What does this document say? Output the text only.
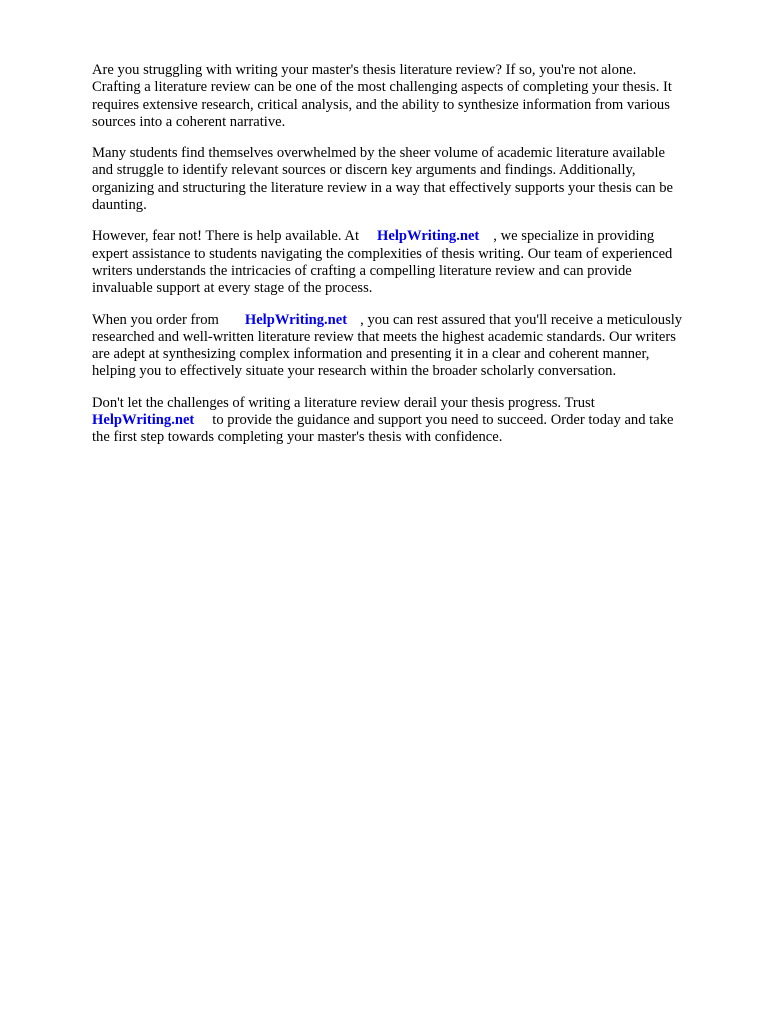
Are you struggling with writing your master's thesis literature review? If so, you're not alone.
Crafting a literature review can be one of the most challenging aspects of completing your thesis. It
requires extensive research, critical analysis, and the ability to synthesize information from various
sources into a coherent narrative.

Many students find themselves overwhelmed by the sheer volume of academic literature available
and struggle to identify relevant sources or discern key arguments and findings. Additionally,
organizing and structuring the literature review in a way that effectively supports your thesis can be
daunting.

However, fear not! There is help available. At HelpWriting.net , we specialize in providing
expert assistance to students navigating the complexities of thesis writing. Our team of experienced
writers understands the intricacies of crafting a compelling literature review and can provide
invaluable support at every stage of the process.

When you order from HelpWriting.net , you can rest assured that you'll receive a meticulously
researched and well-written literature review that meets the highest academic standards. Our writers
are adept at synthesizing complex information and presenting it in a clear and coherent manner,
helping you to effectively situate your research within the broader scholarly conversation.

Don't let the challenges of writing a literature review derail your thesis progress. Trust
HelpWriting.net to provide the guidance and support you need to succeed. Order today and take
the first step towards completing your master's thesis with confidence.
